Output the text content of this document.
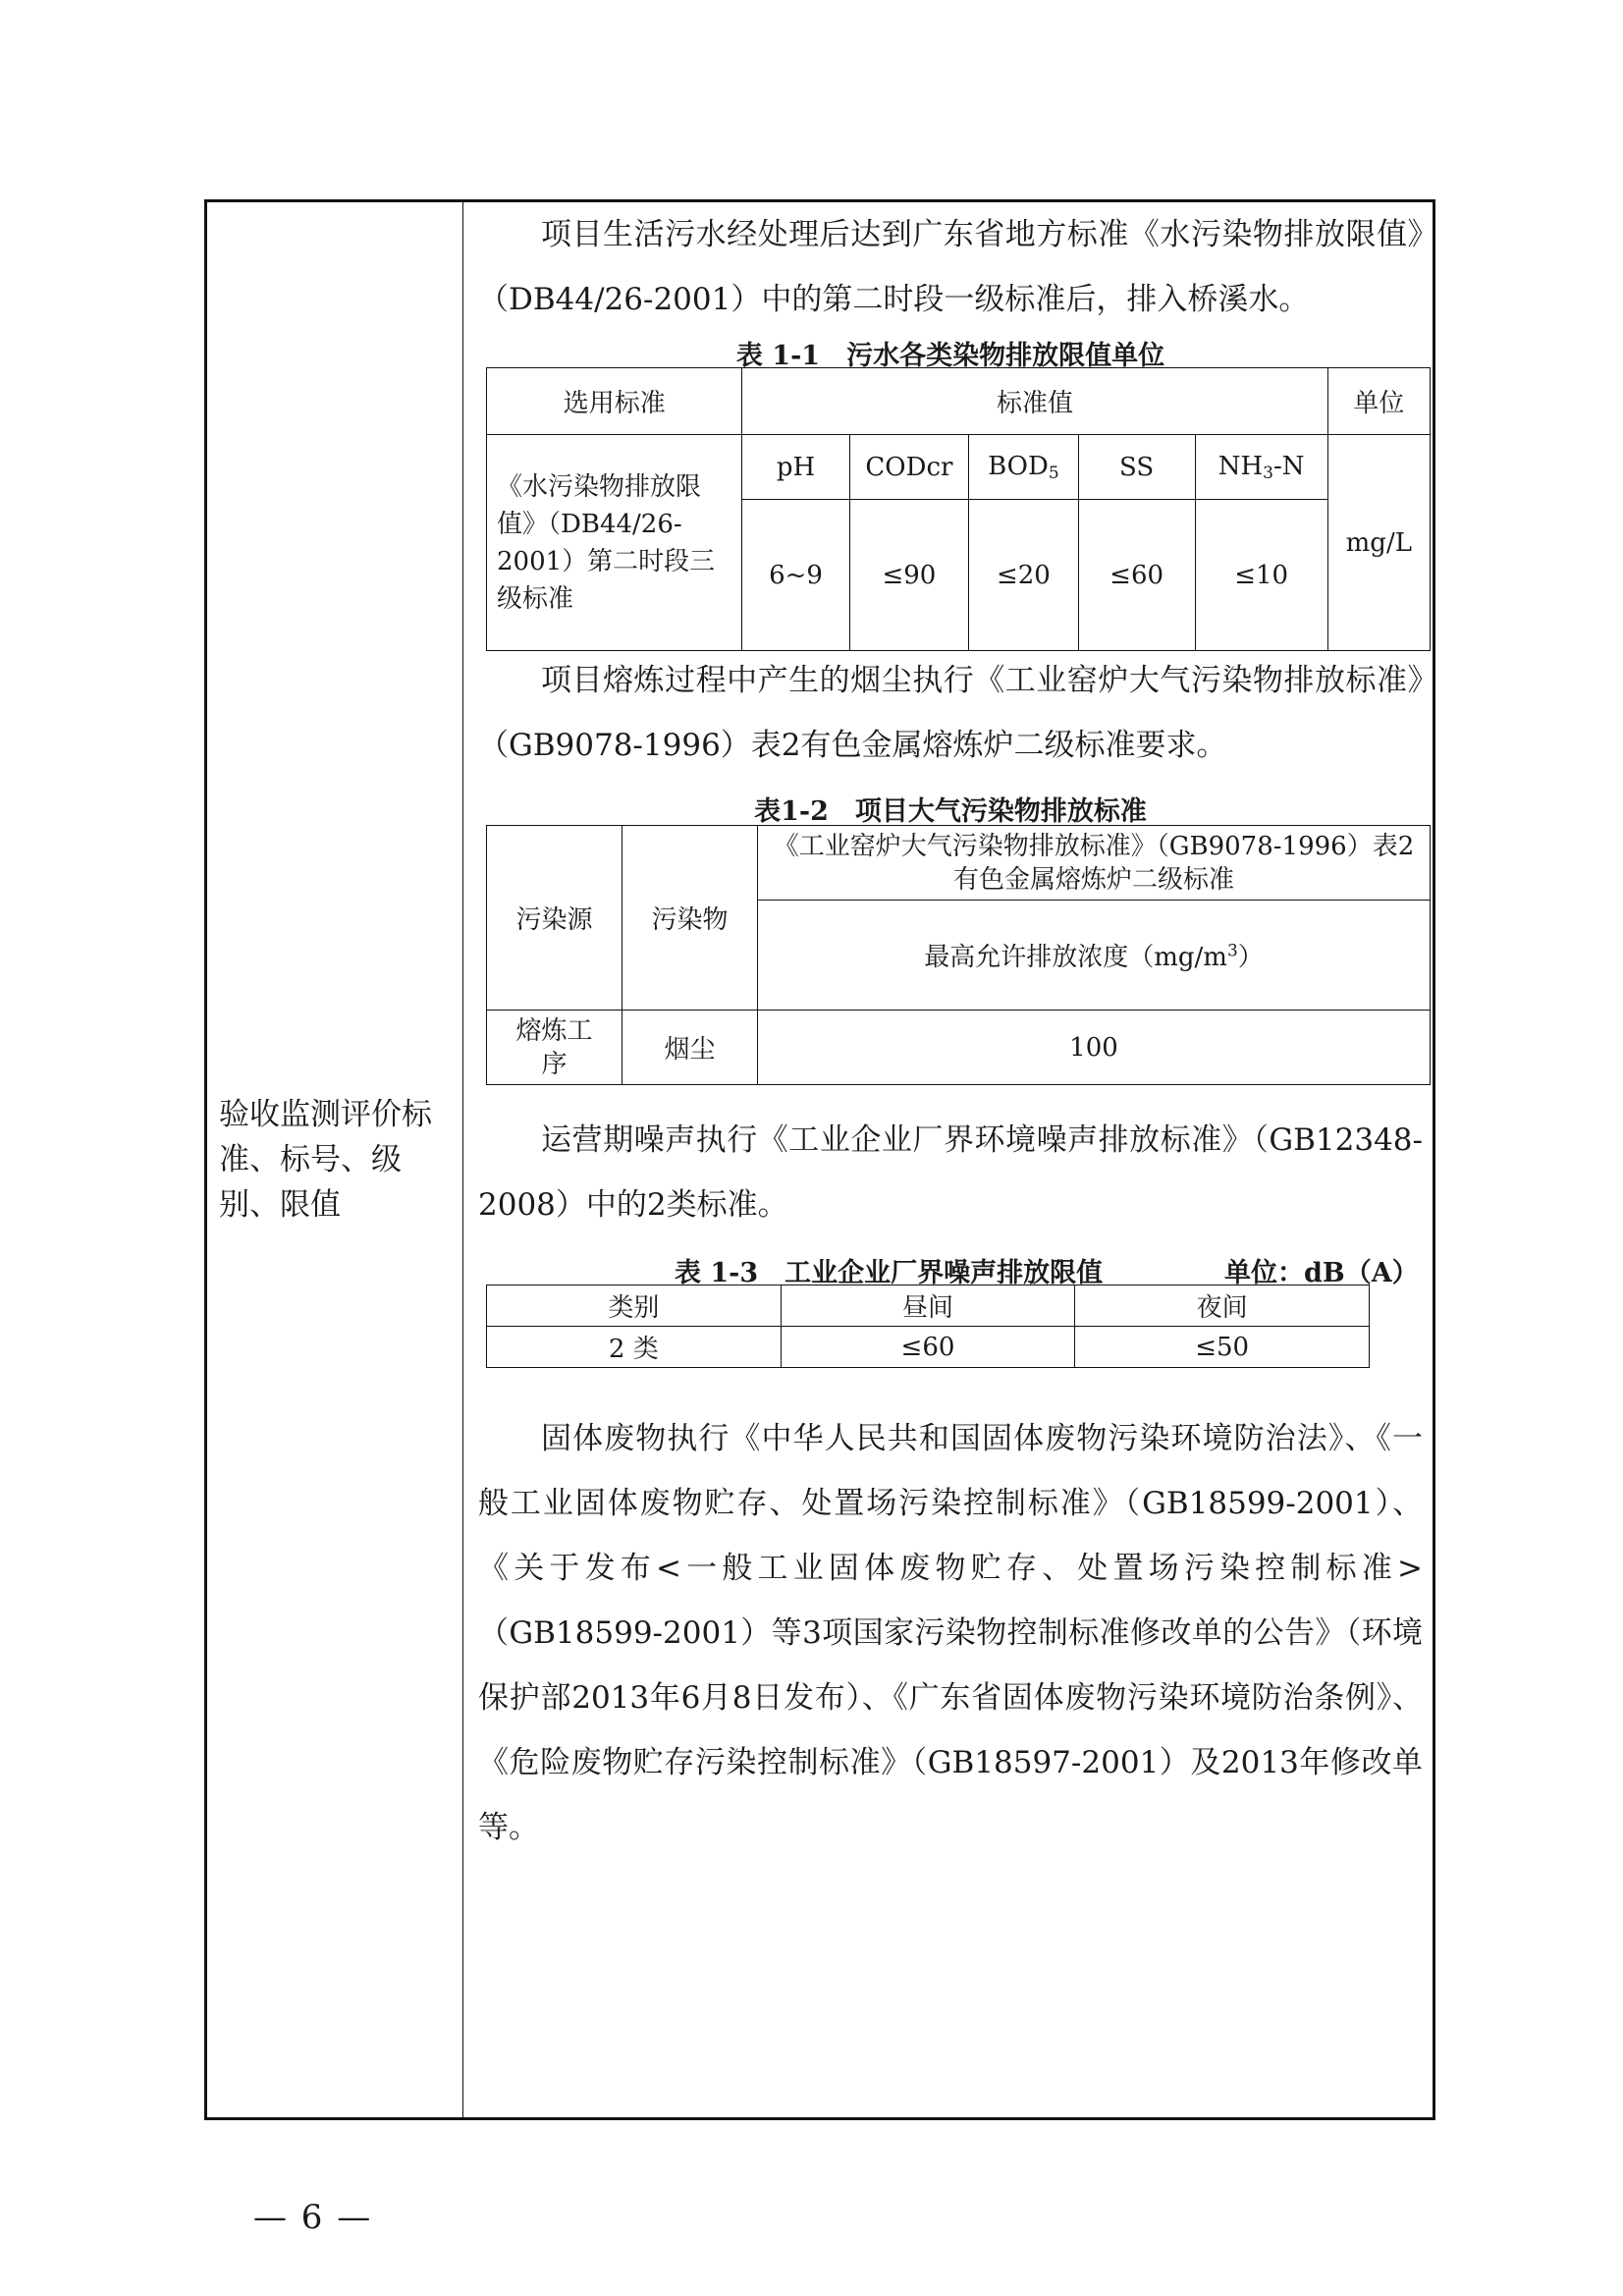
验收监测评价标准、标号、级别、限值

项目生活污水经处理后达到广东省地方标准《水污染物排放限值》（DB44/26-2001）中的第二时段一级标准后，排入桥溪水。

表 1-1　污水各类染物排放限值单位

选用标准	标准值					单位
《水污染物排放限值》（DB44/26-2001）第二时段三级标准	pH	CODcr	$BOD_5$	SS	$NH_3-N$	mg/L
	6~9	≤90	≤20	≤60	≤10	

项目熔炼过程中产生的烟尘执行《工业窑炉大气污染物排放标准》（GB9078-1996）表2有色金属熔炼炉二级标准要求。

表1-2　项目大气污染物排放标准

污染源	污染物	《工业窑炉大气污染物排放标准》（GB9078-1996）表2有色金属熔炼炉二级标准
		最高允许排放浓度$(mg/m^3)$
熔炼工序	烟尘	100

运营期噪声执行《工业企业厂界环境噪声排放标准》（GB12348-2008）中的2类标准。

表 1-3　工业企业厂界噪声排放限值	单位：dB（A）
类别	昼间	夜间
2 类	≤60	≤50

固体废物执行《中华人民共和国固体废物污染环境防治法》、《一般工业固体废物贮存、处置场污染控制标准》（GB18599-2001）、《关于发布<一般工业固体废物贮存、处置场污染控制标准>（GB18599-2001）等3项国家污染物控制标准修改单的公告》（环境保护部2013年6月8日发布）、《广东省固体废物污染环境防治条例》、《危险废物贮存污染控制标准》（GB18597-2001）及2013年修改单等。

— 6 —
